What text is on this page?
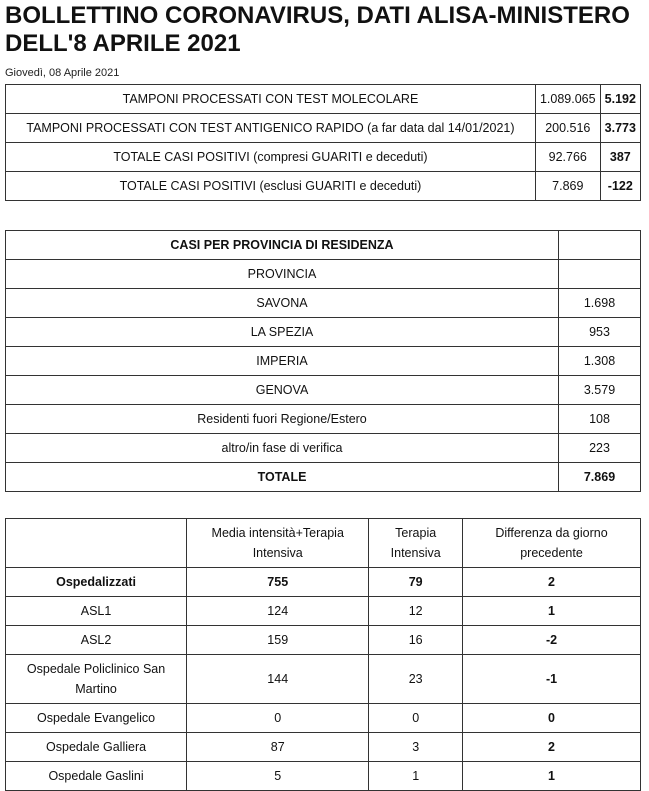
BOLLETTINO CORONAVIRUS, DATI ALISA-MINISTERO DELL'8 APRILE 2021
Giovedì, 08 Aprile 2021
TAMPONI PROCESSATI CON TEST MOLECOLARE	1.089.065	5.192
TAMPONI PROCESSATI CON TEST ANTIGENICO RAPIDO (a far data dal 14/01/2021)	200.516	3.773
TOTALE CASI POSITIVI (compresi GUARITI e deceduti)	92.766	387
TOTALE CASI POSITIVI (esclusi GUARITI e deceduti)	7.869	-122
CASI PER PROVINCIA DI RESIDENZA	
PROVINCIA	
SAVONA	1.698
LA SPEZIA	953
IMPERIA	1.308
GENOVA	3.579
Residenti fuori Regione/Estero	108
altro/in fase di verifica	223
TOTALE	7.869
	Media intensità+Terapia Intensiva	Terapia Intensiva	Differenza da giorno precedente
Ospedalizzati	755	79	2
ASL1	124	12	1
ASL2	159	16	-2
Ospedale Policlinico San Martino	144	23	-1
Ospedale Evangelico	0	0	0
Ospedale Galliera	87	3	2
Ospedale Gaslini	5	1	1
